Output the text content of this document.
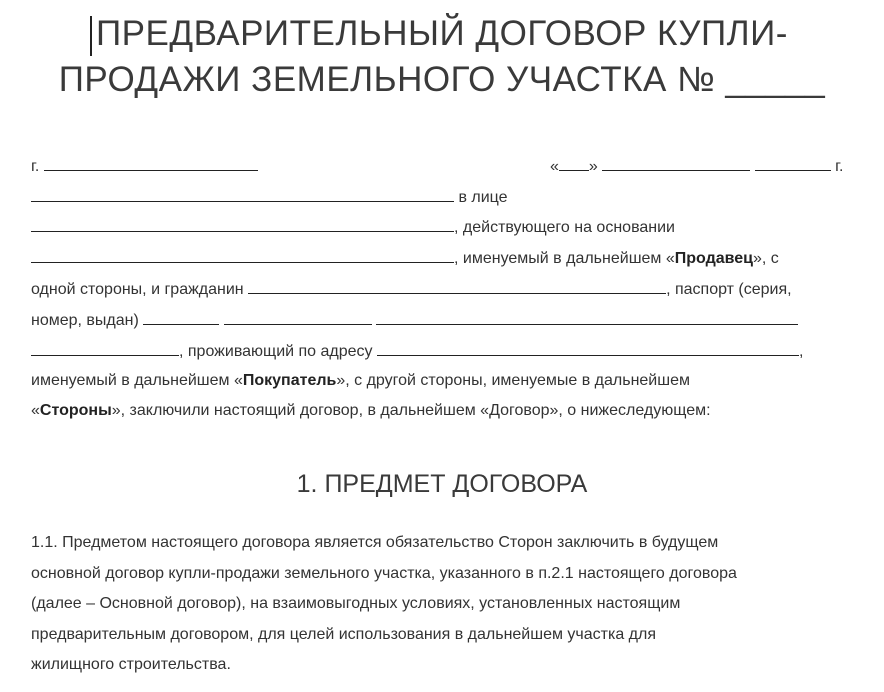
ПРЕДВАРИТЕЛЬНЫЙ ДОГОВОР КУПЛИ-
ПРОДАЖИ ЗЕМЕЛЬНОГО УЧАСТКА № _____
г.	« »	г.
в лице
, действующего на основании
, именуемый в дальнейшем «Продавец», с
одной стороны, и гражданин	, паспорт (серия,
номер, выдан)
, проживающий по адресу	,
именуемый в дальнейшем «Покупатель», с другой стороны, именуемые в дальнейшем
«Стороны», заключили настоящий договор, в дальнейшем «Договор», о нижеследующем:
1. ПРЕДМЕТ ДОГОВОРА
1.1. Предметом настоящего договора является обязательство Сторон заключить в будущем
основной договор купли-продажи земельного участка, указанного в п.2.1 настоящего договора
(далее – Основной договор), на взаимовыгодных условиях, установленных настоящим
предварительным договором, для целей использования в дальнейшем участка для
жилищного строительства.
